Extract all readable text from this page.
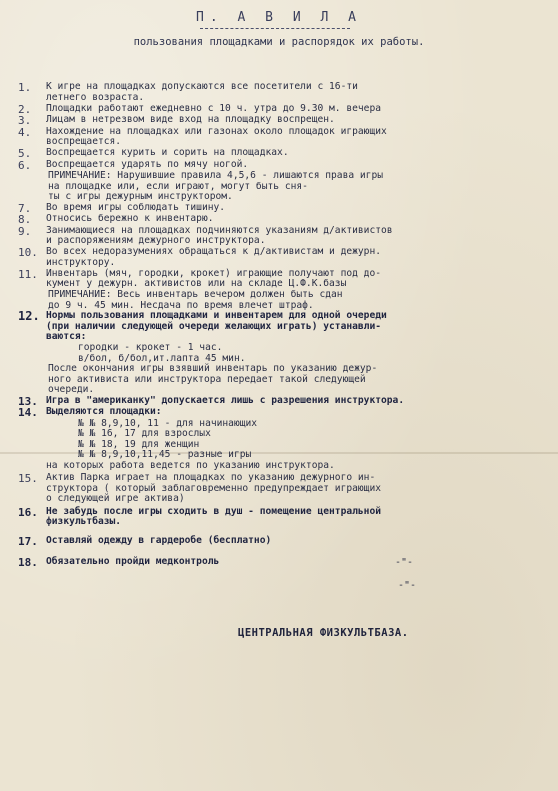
П. А В И Л А
пользования площадками и распорядок их работы.
1.	К игре на площадках допускаются все посетители с 16-ти
летнего возраста.
2.	Площадки работают ежедневно с 10 ч. утра до 9.30 м. вечера
3.	Лицам в нетрезвом виде вход на площадку воспрещен.
4.	Нахождение на площадках или газонах около площадок играющих
воспрещается.
5.	Воспрещается курить и сорить на площадках.
6.	Воспрещается ударять по мячу ногой.
ПРИМЕЧАНИЕ: Нарушившие правила 4,5,6 - лишаются права игры
на площадке или, если играют, могут быть сня-
ты с игры дежурным инструктором.
7.	Во время игры соблюдать тишину.
8.	Относись бережно к инвентарю.
9.	Занимающиеся на площадках подчиняются указаниям д/активистов
и распоряжениям дежурного инструктора.
10. Во всех недоразумениях обращаться к д/активистам и дежурн.
инструктору.
11. Инвентарь (мяч, городки, крокет) играющие получают под до-
кумент у дежурн. активистов или на складе Ц.Ф.К.базы
ПРИМЕЧАНИЕ: Весь инвентарь вечером должен быть сдан
до 9 ч. 45 мин. Несдача по время влечет штраф.
12. Нормы пользования площадками и инвентарем для одной очереди
(при наличии следующей очереди желающих играть) устанавли-
ваются:
городки - крокет - 1 час.
в/бол, б/бол,ит.лапта 45 мин.
После окончания игры взявший инвентарь по указанию дежур-
ного активиста или инструктора передает такой следующей
очереди.
13. Игра в "американку" допускается лишь с разрешения инструктора.
14. Выделяются площадки:
№ № 8,9,10, 11 - для начинающих
№ № 16, 17 для взрослых
№ № 18, 19 для женщин
№ № 8,9,10,11,45 - разные игры
на которых работа ведется по указанию инструктора.
15. Актив Парка играет на площадках по указанию дежурного ин-
структора ( который заблаговременно предупреждает играющих
о следующей игре актива)
16. Не забудь после игры сходить в душ - помещение центральной
физкультбазы.
17. Оставляй одежду в гардеробе (бесплатно)
18. Обязательно пройди медконтроль	-"-
-"-
ЦЕНТРАЛЬНАЯ ФИЗКУЛЬТБАЗА.
